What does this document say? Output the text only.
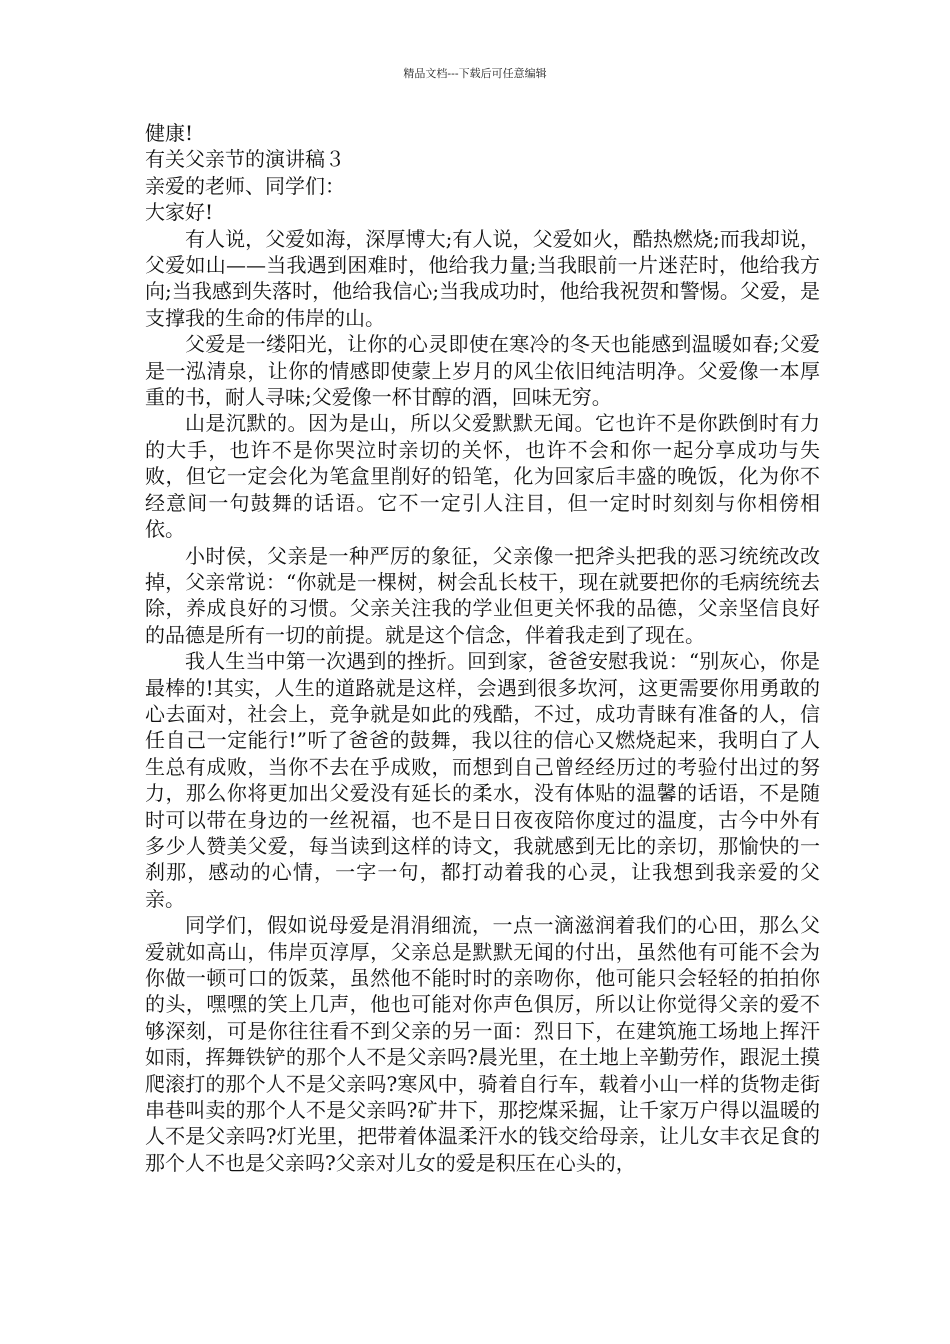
精品文档---下载后可任意编辑

健康!

有关父亲节的演讲稿３

亲爱的老师、同学们：

大家好!

有人说，父爱如海，深厚博大;有人说，父爱如火，酷热燃烧;而我却说，父爱如山——当我遇到困难时，他给我力量;当我眼前一片迷茫时，他给我方向;当我感到失落时，他给我信心;当我成功时，他给我祝贺和警惕。父爱，是支撑我的生命的伟岸的山。

父爱是一缕阳光，让你的心灵即使在寒冷的冬天也能感到温暖如春;父爱是一泓清泉，让你的情感即使蒙上岁月的风尘依旧纯洁明净。父爱像一本厚重的书，耐人寻味;父爱像一杯甘醇的酒，回味无穷。

山是沉默的。因为是山，所以父爱默默无闻。它也许不是你跌倒时有力的大手，也许不是你哭泣时亲切的关怀，也许不会和你一起分享成功与失败，但它一定会化为笔盒里削好的铅笔，化为回家后丰盛的晚饭，化为你不经意间一句鼓舞的话语。它不一定引人注目，但一定时时刻刻与你相傍相依。

小时侯，父亲是一种严厉的象征，父亲像一把斧头把我的恶习统统改改掉，父亲常说：“你就是一棵树，树会乱长枝干，现在就要把你的毛病统统去除，养成良好的习惯。父亲关注我的学业但更关怀我的品德，父亲坚信良好的品德是所有一切的前提。就是这个信念，伴着我走到了现在。

我人生当中第一次遇到的挫折。回到家，爸爸安慰我说：“别灰心，你是最棒的!其实，人生的道路就是这样，会遇到很多坎河，这更需要你用勇敢的心去面对，社会上，竞争就是如此的残酷，不过，成功青睐有准备的人，信任自己一定能行!”听了爸爸的鼓舞，我以往的信心又燃烧起来，我明白了人生总有成败，当你不去在乎成败，而想到自己曾经经历过的考验付出过的努力，那么你将更加出父爱没有延长的柔水，没有体贴的温馨的话语，不是随时可以带在身边的一丝祝福，也不是日日夜夜陪你度过的温度，古今中外有多少人赞美父爱，每当读到这样的诗文，我就感到无比的亲切，那愉快的一刹那，感动的心情，一字一句，都打动着我的心灵，让我想到我亲爱的父亲。

同学们，假如说母爱是涓涓细流，一点一滴滋润着我们的心田，那么父爱就如高山，伟岸页淳厚，父亲总是默默无闻的付出，虽然他有可能不会为你做一顿可口的饭菜，虽然他不能时时的亲吻你，他可能只会轻轻的拍拍你的头，嘿嘿的笑上几声，他也可能对你声色俱厉，所以让你觉得父亲的爱不够深刻，可是你往往看不到父亲的另一面：烈日下，在建筑施工场地上挥汗如雨，挥舞铁铲的那个人不是父亲吗?晨光里，在土地上辛勤劳作，跟泥土摸爬滚打的那个人不是父亲吗?寒风中，骑着自行车，载着小山一样的货物走街串巷叫卖的那个人不是父亲吗?矿井下，那挖煤采掘，让千家万户得以温暖的人不是父亲吗?灯光里，把带着体温柔汗水的钱交给母亲，让儿女丰衣足食的那个人不也是父亲吗?父亲对儿女的爱是积压在心头的，
